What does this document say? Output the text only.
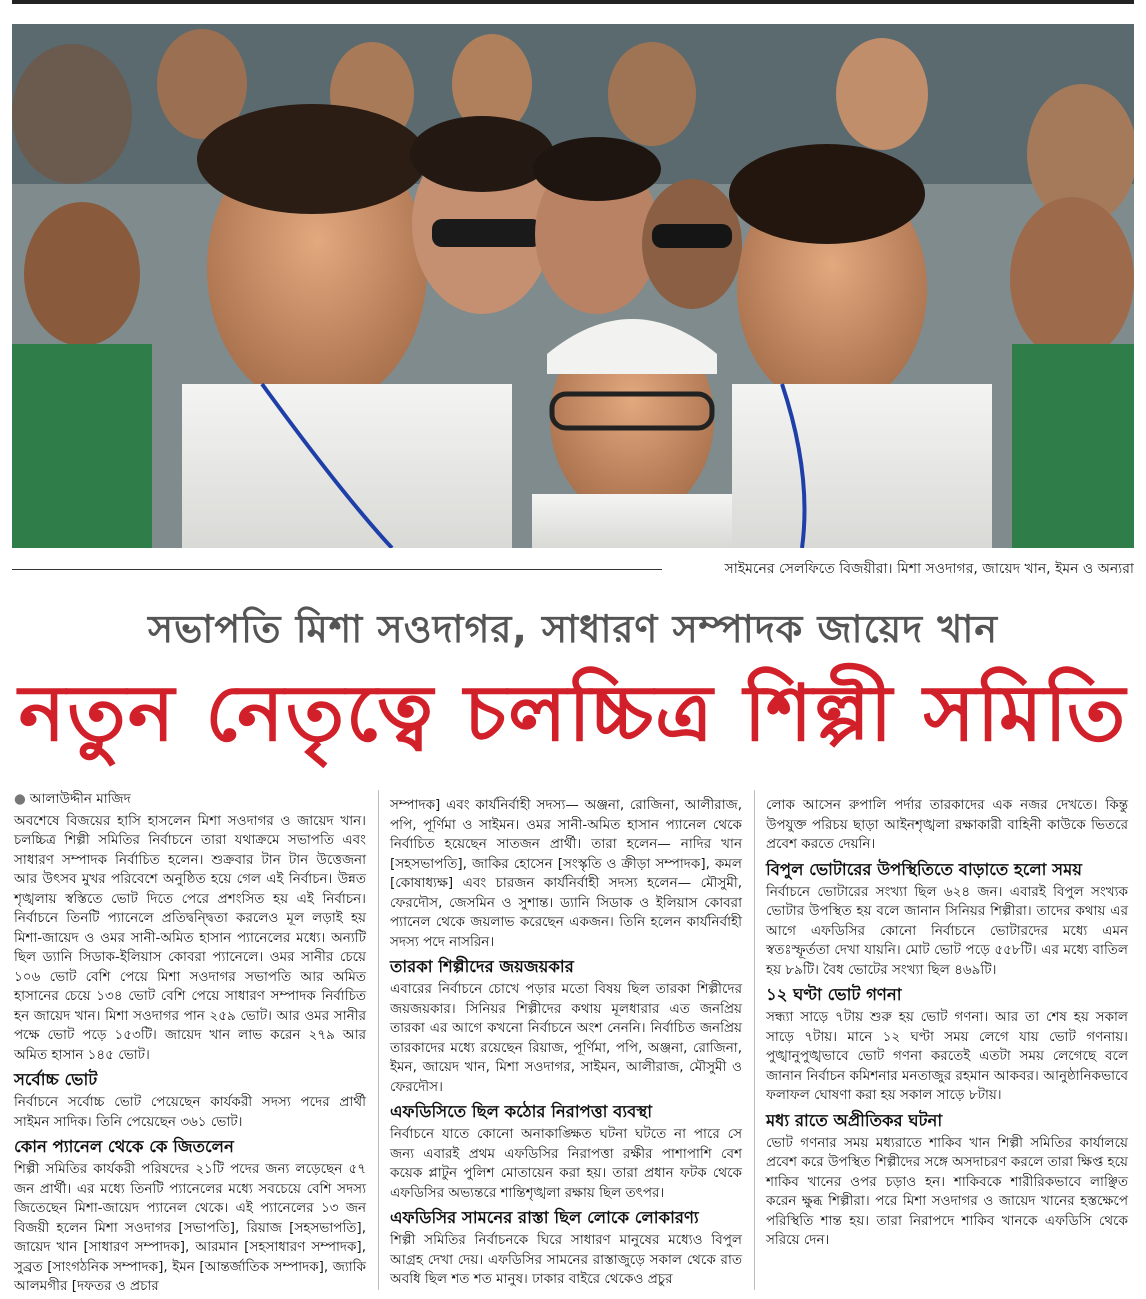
সাইমনের সেলফিতে বিজয়ীরা। মিশা সওদাগর, জায়েদ খান, ইমন ও অন্যরা
সভাপতি মিশা সওদাগর, সাধারণ সম্পাদক জায়েদ খান
নতুন নেতৃত্বে চলচ্চিত্র শিল্পী সমিতি
● আলাউদ্দীন মাজিদ

অবশেষে বিজয়ের হাসি হাসলেন মিশা সওদাগর ও জায়েদ খান। চলচ্চিত্র শিল্পী সমিতির নির্বাচনে তারা যথাক্রমে সভাপতি এবং সাধারণ সম্পাদক নির্বাচিত হলেন। শুক্রবার টান টান উত্তেজনা আর উৎসব মুখর পরিবেশে অনুষ্ঠিত হয়ে গেল এই নির্বাচন। উন্নত শৃঙ্খলায় স্বস্তিতে ভোট দিতে পেরে প্রশংসিত হয় এই নির্বাচন। নির্বাচনে তিনটি প্যানেলে প্রতিদ্বন্দ্বিতা করলেও মূল লড়াই হয় মিশা-জায়েদ ও ওমর সানী-অমিত হাসান প্যানেলের মধ্যে। অন্যটি ছিল ড্যানি সিডাক-ইলিয়াস কোবরা প্যানেলে। ওমর সানীর চেয়ে ১০৬ ভোট বেশি পেয়ে মিশা সওদাগর সভাপতি আর অমিত হাসানের চেয়ে ১৩৪ ভোট বেশি পেয়ে সাধারণ সম্পাদক নির্বাচিত হন জায়েদ খান। মিশা সওদাগর পান ২৫৯ ভোট। আর ওমর সানীর পক্ষে ভোট পড়ে ১৫৩টি। জায়েদ খান লাভ করেন ২৭৯ আর অমিত হাসান ১৪৫ ভোট।

সর্বোচ্চ ভোট

নির্বাচনে সর্বোচ্চ ভোট পেয়েছেন কার্যকরী সদস্য পদের প্রার্থী সাইমন সাদিক। তিনি পেয়েছেন ৩৬১ ভোট।

কোন প্যানেল থেকে কে জিতলেন

শিল্পী সমিতির কার্যকরী পরিষদের ২১টি পদের জন্য লড়েছেন ৫৭ জন প্রার্থী। এর মধ্যে তিনটি প্যানেলের মধ্যে সবচেয়ে বেশি সদস্য জিতেছেন মিশা-জায়েদ প্যানেল থেকে। এই প্যানেলের ১৩ জন বিজয়ী হলেন মিশা সওদাগর [সভাপতি], রিয়াজ [সহসভাপতি], জায়েদ খান [সাধারণ সম্পাদক], আরমান [সহসাধারণ সম্পাদক], সুব্রত [সাংগঠনিক সম্পাদক], ইমন [আন্তর্জাতিক সম্পাদক], জ্যাকি আলমগীর [দফতর ও প্রচার

সম্পাদক] এবং কার্যনির্বাহী সদস্য— অঞ্জনা, রোজিনা, আলীরাজ, পপি, পূর্ণিমা ও সাইমন। ওমর সানী-অমিত হাসান প্যানেল থেকে নির্বাচিত হয়েছেন সাতজন প্রার্থী। তারা হলেন— নাদির খান [সহসভাপতি], জাকির হোসেন [সংস্কৃতি ও ক্রীড়া সম্পাদক], কমল [কোষাধ্যক্ষ] এবং চারজন কার্যনির্বাহী সদস্য হলেন— মৌসুমী, ফেরদৌস, জেসমিন ও সুশান্ত। ড্যানি সিডাক ও ইলিয়াস কোবরা প্যানেল থেকে জয়লাভ করেছেন একজন। তিনি হলেন কার্যনির্বাহী সদস্য পদে নাসরিন।

তারকা শিল্পীদের জয়জয়কার

এবারের নির্বাচনে চোখে পড়ার মতো বিষয় ছিল তারকা শিল্পীদের জয়জয়কার। সিনিয়র শিল্পীদের কথায় মূলধারার এত জনপ্রিয় তারকা এর আগে কখনো নির্বাচনে অংশ নেননি। নির্বাচিত জনপ্রিয় তারকাদের মধ্যে রয়েছেন রিয়াজ, পূর্ণিমা, পপি, অঞ্জনা, রোজিনা, ইমন, জায়েদ খান, মিশা সওদাগর, সাইমন, আলীরাজ, মৌসুমী ও ফেরদৌস।

এফডিসিতে ছিল কঠোর নিরাপত্তা ব্যবস্থা

নির্বাচনে যাতে কোনো অনাকাঙ্ক্ষিত ঘটনা ঘটতে না পারে সে জন্য এবারই প্রথম এফডিসির নিরাপত্তা রক্ষীর পাশাপাশি বেশ কয়েক প্লাটুন পুলিশ মোতায়েন করা হয়। তারা প্রধান ফটক থেকে এফডিসির অভ্যন্তরে শান্তিশৃঙ্খলা রক্ষায় ছিল তৎপর।

এফডিসির সামনের রাস্তা ছিল লোকে লোকারণ্য

শিল্পী সমিতির নির্বাচনকে ঘিরে সাধারণ মানুষের মধ্যেও বিপুল আগ্রহ দেখা দেয়। এফডিসির সামনের রাস্তাজুড়ে সকাল থেকে রাত অবধি ছিল শত শত মানুষ। ঢাকার বাইরে থেকেও প্রচুর

লোক আসেন রুপালি পর্দার তারকাদের এক নজর দেখতে। কিন্তু উপযুক্ত পরিচয় ছাড়া আইনশৃঙ্খলা রক্ষাকারী বাহিনী কাউকে ভিতরে প্রবেশ করতে দেয়নি।

বিপুল ভোটারের উপস্থিতিতে বাড়াতে হলো সময়

নির্বাচনে ভোটারের সংখ্যা ছিল ৬২৪ জন। এবারই বিপুল সংখ্যক ভোটার উপস্থিত হয় বলে জানান সিনিয়র শিল্পীরা। তাদের কথায় এর আগে এফডিসির কোনো নির্বাচনে ভোটারদের মধ্যে এমন স্বতঃস্ফূর্ততা দেখা যায়নি। মোট ভোট পড়ে ৫৫৮টি। এর মধ্যে বাতিল হয় ৮৯টি। বৈধ ভোটের সংখ্যা ছিল ৪৬৯টি।

১২ ঘণ্টা ভোট গণনা

সন্ধ্যা সাড়ে ৭টায় শুরু হয় ভোট গণনা। আর তা শেষ হয় সকাল সাড়ে ৭টায়। মানে ১২ ঘণ্টা সময় লেগে যায় ভোট গণনায়। পুঙ্খানুপুঙ্খভাবে ভোট গণনা করতেই এতটা সময় লেগেছে বলে জানান নির্বাচন কমিশনার মনতাজুর রহমান আকবর। আনুষ্ঠানিকভাবে ফলাফল ঘোষণা করা হয় সকাল সাড়ে ৮টায়।

মধ্য রাতে অপ্রীতিকর ঘটনা

ভোট গণনার সময় মধ্যরাতে শাকিব খান শিল্পী সমিতির কার্যালয়ে প্রবেশ করে উপস্থিত শিল্পীদের সঙ্গে অসদাচরণ করলে তারা ক্ষিপ্ত হয়ে শাকিব খানের ওপর চড়াও হন। শাকিবকে শারীরিকভাবে লাঞ্ছিত করেন ক্ষুব্ধ শিল্পীরা। পরে মিশা সওদাগর ও জায়েদ খানের হস্তক্ষেপে পরিস্থিতি শান্ত হয়। তারা নিরাপদে শাকিব খানকে এফডিসি থেকে সরিয়ে দেন।
